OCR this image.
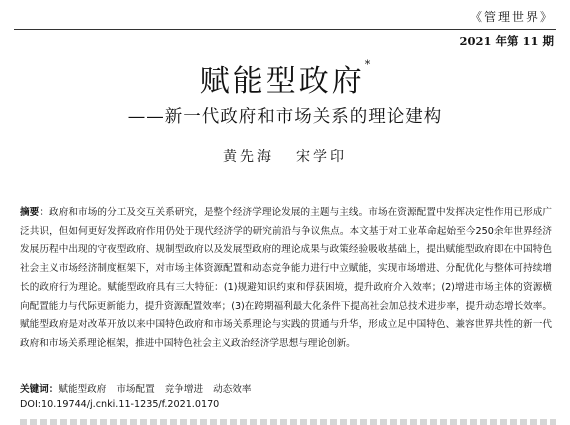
《管理世界》
2021 年第 11 期
赋能型政府*
——新一代政府和市场关系的理论建构
黄先海 宋学印
摘要：政府和市场的分工及交互关系研究，是整个经济学理论发展的主题与主线。市场在资源配置中发挥决定性作用已形成广泛共识，但如何更好发挥政府作用仍处于现代经济学的研究前沿与争议焦点。本文基于对工业革命起始至今250余年世界经济发展历程中出现的守夜型政府、规制型政府以及发展型政府的理论成果与政策经验吸收基础上，提出赋能型政府即在中国特色社会主义市场经济制度框架下，对市场主体资源配置和动态竞争能力进行中立赋能，实现市场增进、分配优化与整体可持续增长的政府行为理论。赋能型政府具有三大特征：(1)规避知识约束和俘获困境，提升政府介入效率；(2)增进市场主体的资源横向配置能力与代际更新能力，提升资源配置效率；(3)在跨期福利最大化条件下提高社会加总技术进步率，提升动态增长效率。赋能型政府是对改革开放以来中国特色政府和市场关系理论与实践的贯通与升华，形成立足中国特色、兼容世界共性的新一代政府和市场关系理论框架，推进中国特色社会主义政治经济学思想与理论创新。
关键词：赋能型政府 市场配置 竞争增进 动态效率
DOI:10.19744/j.cnki.11-1235/f.2021.0170
